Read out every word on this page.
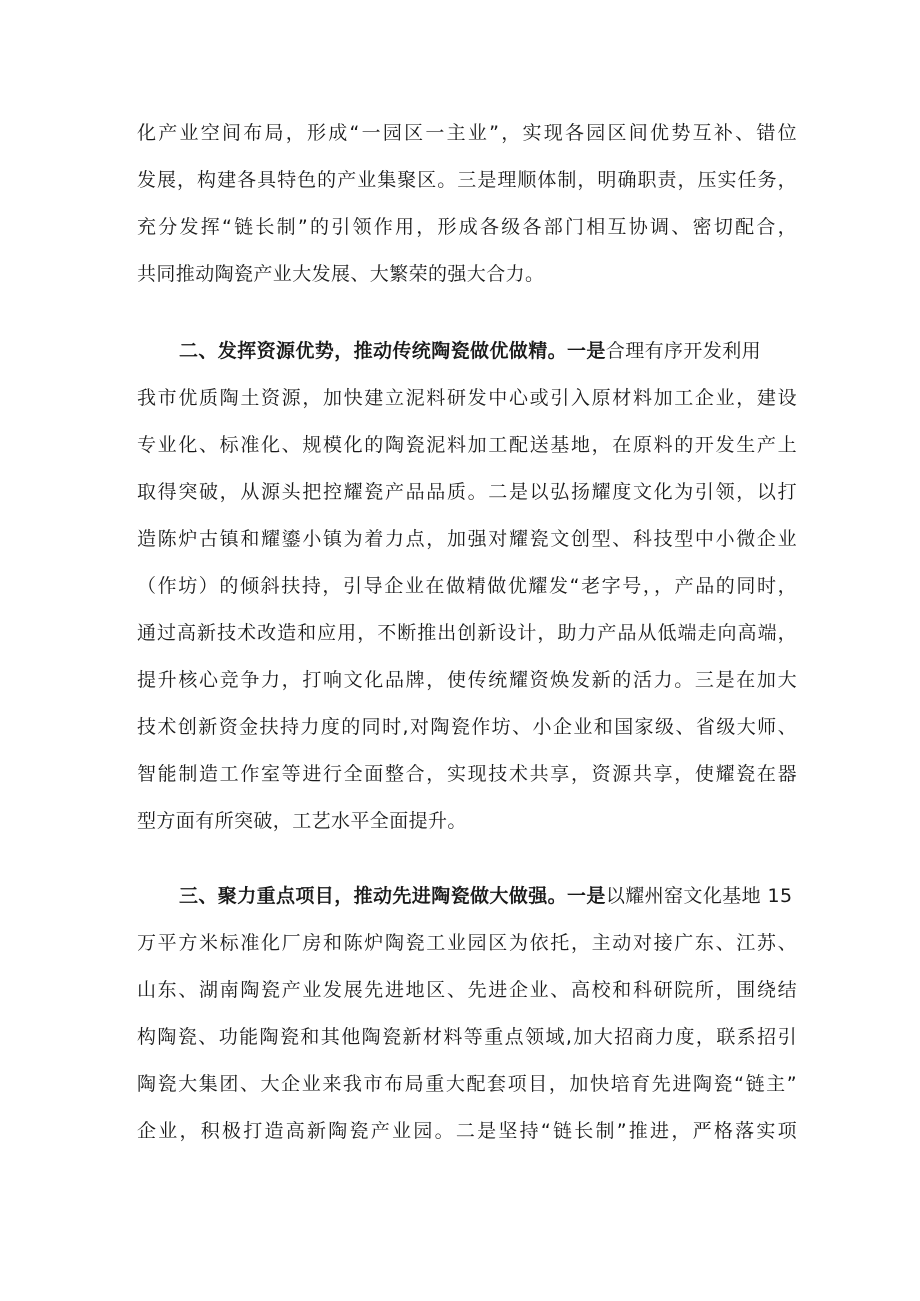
化产业空间布局，形成“一园区一主业”，实现各园区间优势互补、错位
发展，构建各具特色的产业集聚区。三是理顺体制，明确职责，压实任务，
充分发挥“链长制”的引领作用，形成各级各部门相互协调、密切配合，
共同推动陶瓷产业大发展、大繁荣的强大合力。
二、发挥资源优势，推动传统陶瓷做优做精。一是合理有序开发利用
我市优质陶土资源，加快建立泥料研发中心或引入原材料加工企业，建设
专业化、标准化、规模化的陶瓷泥料加工配送基地，在原料的开发生产上
取得突破，从源头把控耀瓷产品品质。二是以弘扬耀度文化为引领，以打
造陈炉古镇和耀鎏小镇为着力点，加强对耀瓷文创型、科技型中小微企业
（作坊）的倾斜扶持，引导企业在做精做优耀发“老字号，，产品的同时，
通过高新技术改造和应用，不断推出创新设计，助力产品从低端走向高端，
提升核心竞争力，打响文化品牌，使传统耀资焕发新的活力。三是在加大
技术创新资金扶持力度的同时,对陶瓷作坊、小企业和国家级、省级大师、
智能制造工作室等进行全面整合，实现技术共享，资源共享，使耀瓷在器
型方面有所突破，工艺水平全面提升。
三、聚力重点项目，推动先进陶瓷做大做强。一是以耀州窑文化基地 15
万平方米标准化厂房和陈炉陶瓷工业园区为依托，主动对接广东、江苏、
山东、湖南陶瓷产业发展先进地区、先进企业、高校和科研院所，围绕结
构陶瓷、功能陶瓷和其他陶瓷新材料等重点领域,加大招商力度，联系招引
陶瓷大集团、大企业来我市布局重大配套项目，加快培育先进陶瓷“链主”
企业，积极打造高新陶瓷产业园。二是坚持“链长制”推进，严格落实项
